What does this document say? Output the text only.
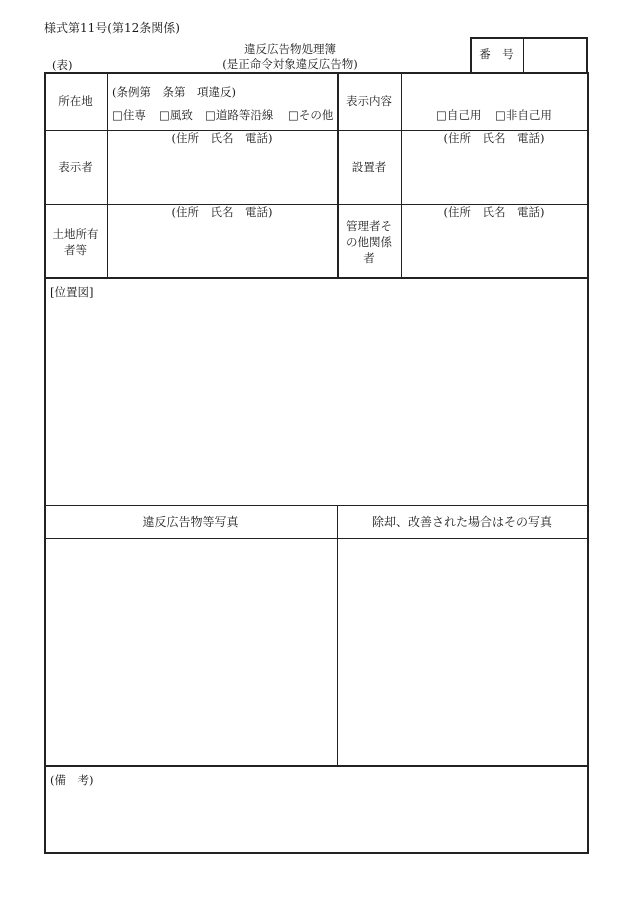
様式第11号(第12条関係)
(表)
違反広告物処理簿
(是正命令対象違反広告物)
番　号
所在地
(条例第　条第　項違反)
□住専 □風致 □道路等沿線 □その他
表示内容
□自己用 □非自己用
表示者
(住所　氏名　電話)
設置者
(住所　氏名　電話)
土地所有
者等
(住所　氏名　電話)
管理者そ
の他関係
者
(住所　氏名　電話)
[位置図]
違反広告物等写真	除却、改善された場合はその写真
(備　考)
